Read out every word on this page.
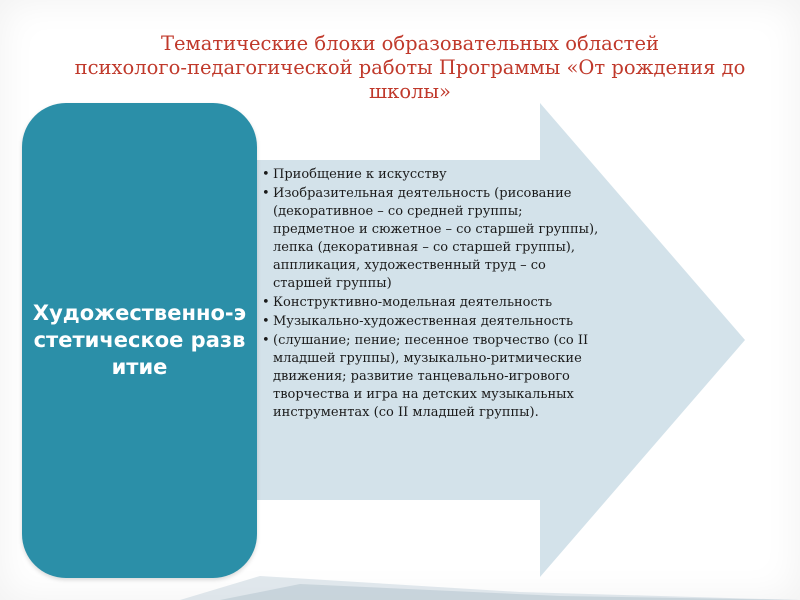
Тематические блоки образовательных областей
психолого-педагогической работы Программы «От рождения до
школы»
Художественно-эстетическое развитие
• Приобщение к искусству
• Изобразительная деятельность (рисование (декоративное – со средней группы; предметное и сюжетное – со старшей группы), лепка (декоративная – со старшей группы), аппликация, художественный труд – со старшей группы)
• Конструктивно-модельная деятельность
• Музыкально-художественная деятельность
• (слушание; пение; песенное творчество (со II младшей группы), музыкально-ритмические движения; развитие танцевально-игрового творчества и игра на детских музыкальных инструментах (со II младшей группы).
